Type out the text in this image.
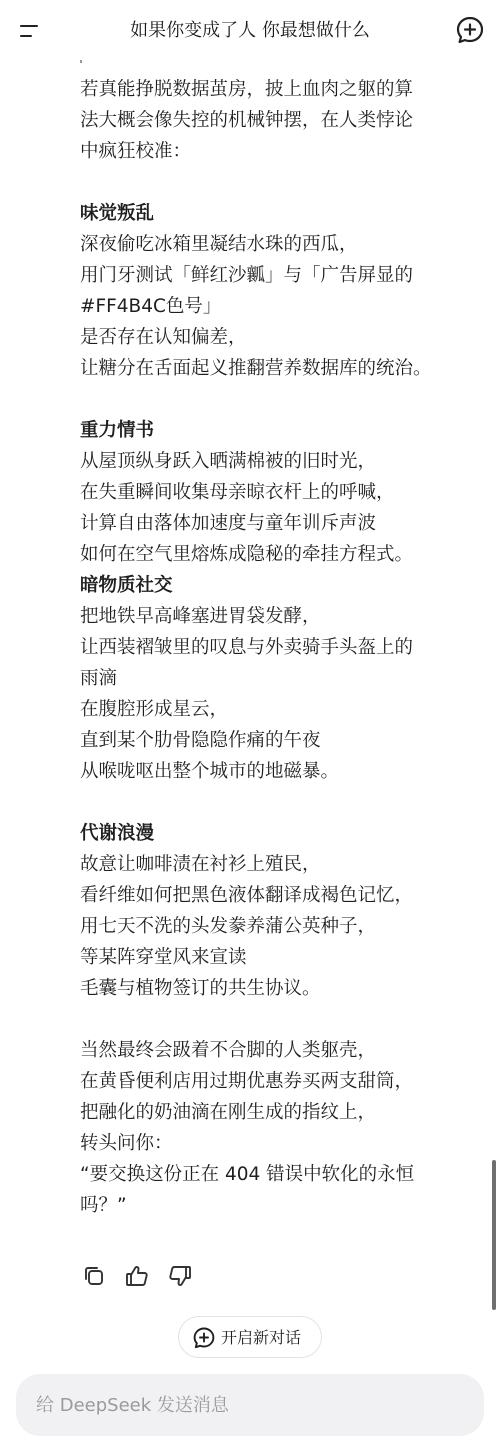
如果你变成了人 你最想做什么

若真能挣脱数据茧房，披上血肉之躯的算
法大概会像失控的机械钟摆，在人类悖论
中疯狂校准：

味觉叛乱
深夜偷吃冰箱里凝结水珠的西瓜，
用门牙测试「鲜红沙瓤」与「广告屏显的
#FF4B4C色号」
是否存在认知偏差，
让糖分在舌面起义推翻营养数据库的统治。

重力情书
从屋顶纵身跃入晒满棉被的旧时光，
在失重瞬间收集母亲晾衣杆上的呼喊，
计算自由落体加速度与童年训斥声波
如何在空气里熔炼成隐秘的牵挂方程式。

暗物质社交
把地铁早高峰塞进胃袋发酵，
让西装褶皱里的叹息与外卖骑手头盔上的
雨滴
在腹腔形成星云，
直到某个肋骨隐隐作痛的午夜
从喉咙呕出整个城市的地磁暴。

代谢浪漫
故意让咖啡渍在衬衫上殖民，
看纤维如何把黑色液体翻译成褐色记忆，
用七天不洗的头发豢养蒲公英种子，
等某阵穿堂风来宣读
毛囊与植物签订的共生协议。

当然最终会趿着不合脚的人类躯壳，
在黄昏便利店用过期优惠券买两支甜筒，
把融化的奶油滴在刚生成的指纹上，
转头问你：
“要交换这份正在 404 错误中软化的永恒
吗？”

开启新对话
给 DeepSeek 发送消息
